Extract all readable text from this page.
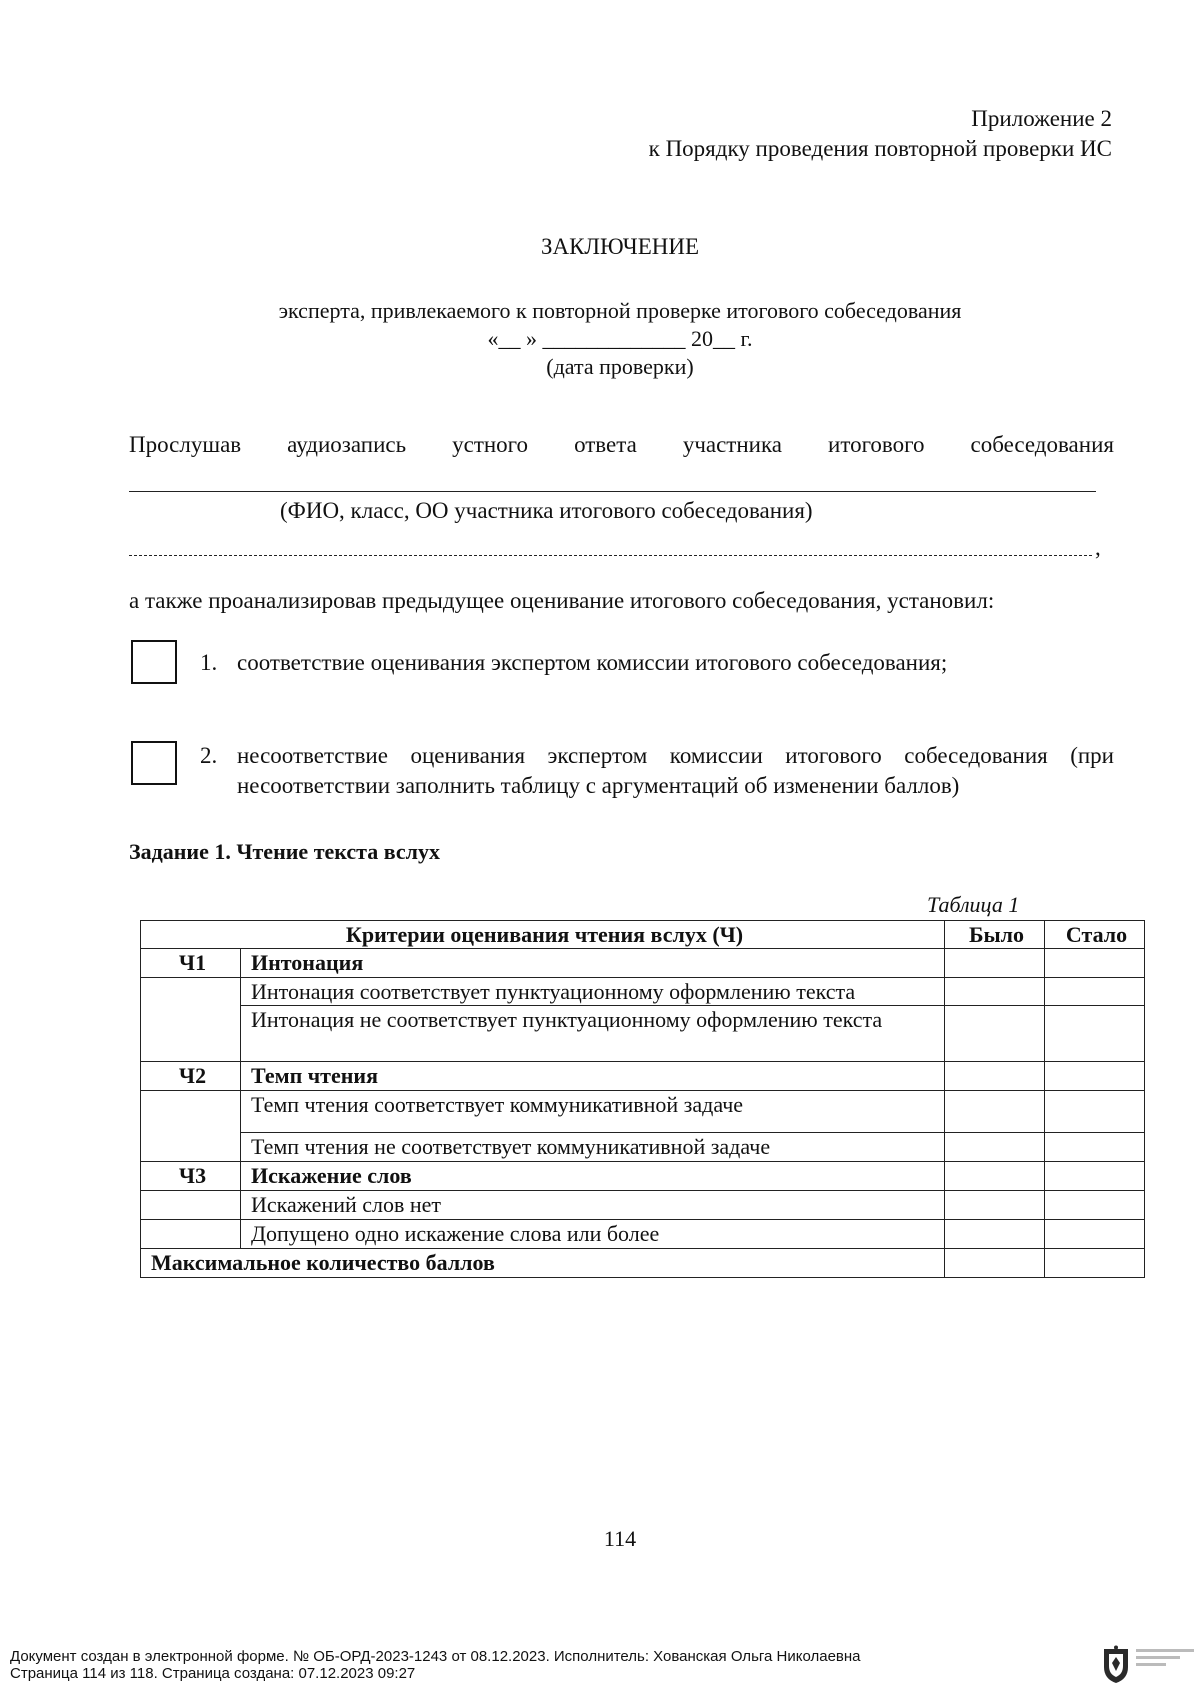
Приложение 2
к Порядку проведения повторной проверки ИС
ЗАКЛЮЧЕНИЕ
эксперта, привлекаемого к повторной проверке итогового собеседования
«__ » _____________ 20__ г.
(дата проверки)
Прослушав аудиозапись устного ответа участника итогового собеседования
(ФИО, класс, ОО участника итогового собеседования)
,
а также проанализировав предыдущее оценивание итогового собеседования, установил:
1. соответствие оценивания экспертом комиссии итогового собеседования;
2. несоответствие оценивания экспертом комиссии итогового собеседования (при несоответствии заполнить таблицу с аргументаций об изменении баллов)
Задание 1. Чтение текста вслух
Таблица 1
Критерии оценивания чтения вслух (Ч)		Было	Стало
Ч1	Интонация		
	Интонация соответствует пунктуационному оформлению текста		
	Интонация не соответствует пунктуационному оформлению текста		
Ч2	Темп чтения		
	Темп чтения соответствует коммуникативной задаче		
	Темп чтения не соответствует коммуникативной задаче		
Ч3	Искажение слов		
	Искажений слов нет		
	Допущено одно искажение слова или более		
Максимальное количество баллов			
114
Документ создан в электронной форме. № ОБ-ОРД-2023-1243 от 08.12.2023. Исполнитель: Хованская Ольга Николаевна
Страница 114 из 118. Страница создана: 07.12.2023 09:27
